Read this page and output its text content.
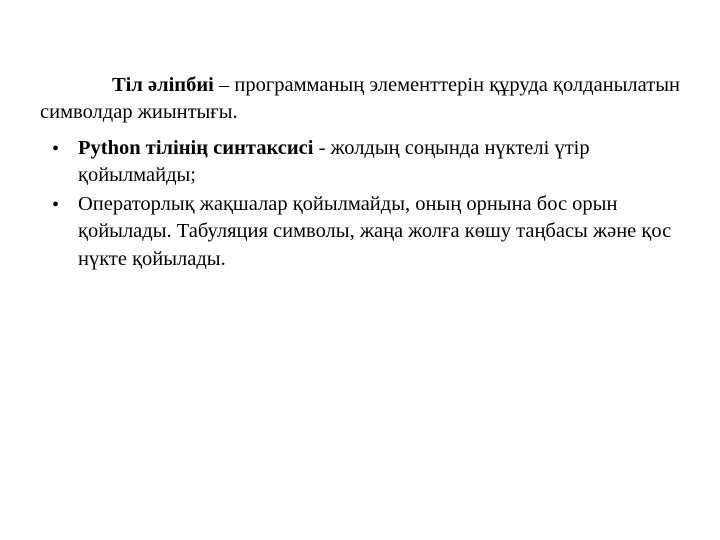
Тіл әліпбиі – программаның элементтерін құруда қолданылатын символдар жиынтығы.

• Python тілінің синтаксисі - жолдың соңында нүктелі үтір қойылмайды;
• Операторлық жақшалар қойылмайды, оның орнына бос орын қойылады. Табуляция символы, жаңа жолға көшу таңбасы және қос нүкте қойылады.
